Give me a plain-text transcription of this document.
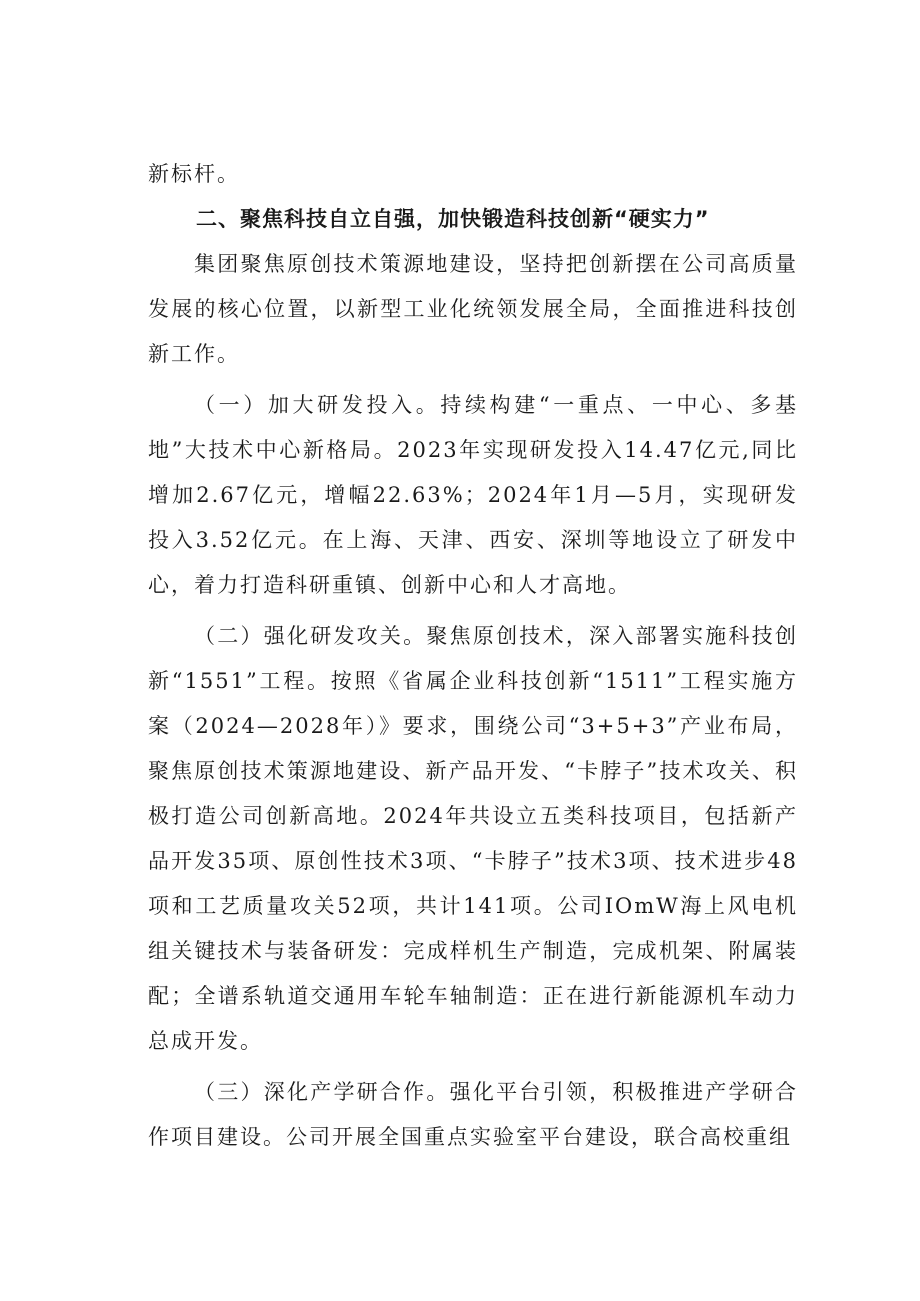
新标杆。

二、聚焦科技自立自强，加快锻造科技创新“硬实力”

集团聚焦原创技术策源地建设，坚持把创新摆在公司高质量发展的核心位置，以新型工业化统领发展全局，全面推进科技创新工作。

（一）加大研发投入。持续构建“一重点、一中心、多基地”大技术中心新格局。2023年实现研发投入14.47亿元,同比增加2.67亿元，增幅22.63%；2024年1月—5月，实现研发投入3.52亿元。在上海、天津、西安、深圳等地设立了研发中心，着力打造科研重镇、创新中心和人才高地。

（二）强化研发攻关。聚焦原创技术，深入部署实施科技创新“1551”工程。按照《省属企业科技创新“1511”工程实施方案（2024—2028年）》要求，围绕公司“3+5+3”产业布局，聚焦原创技术策源地建设、新产品开发、“卡脖子”技术攻关、积极打造公司创新高地。2024年共设立五类科技项目，包括新产品开发35项、原创性技术3项、“卡脖子”技术3项、技术进步48项和工艺质量攻关52项，共计141项。公司IOmW海上风电机组关键技术与装备研发：完成样机生产制造，完成机架、附属装配；全谱系轨道交通用车轮车轴制造：正在进行新能源机车动力总成开发。

（三）深化产学研合作。强化平台引领，积极推进产学研合作项目建设。公司开展全国重点实验室平台建设，联合高校重组
